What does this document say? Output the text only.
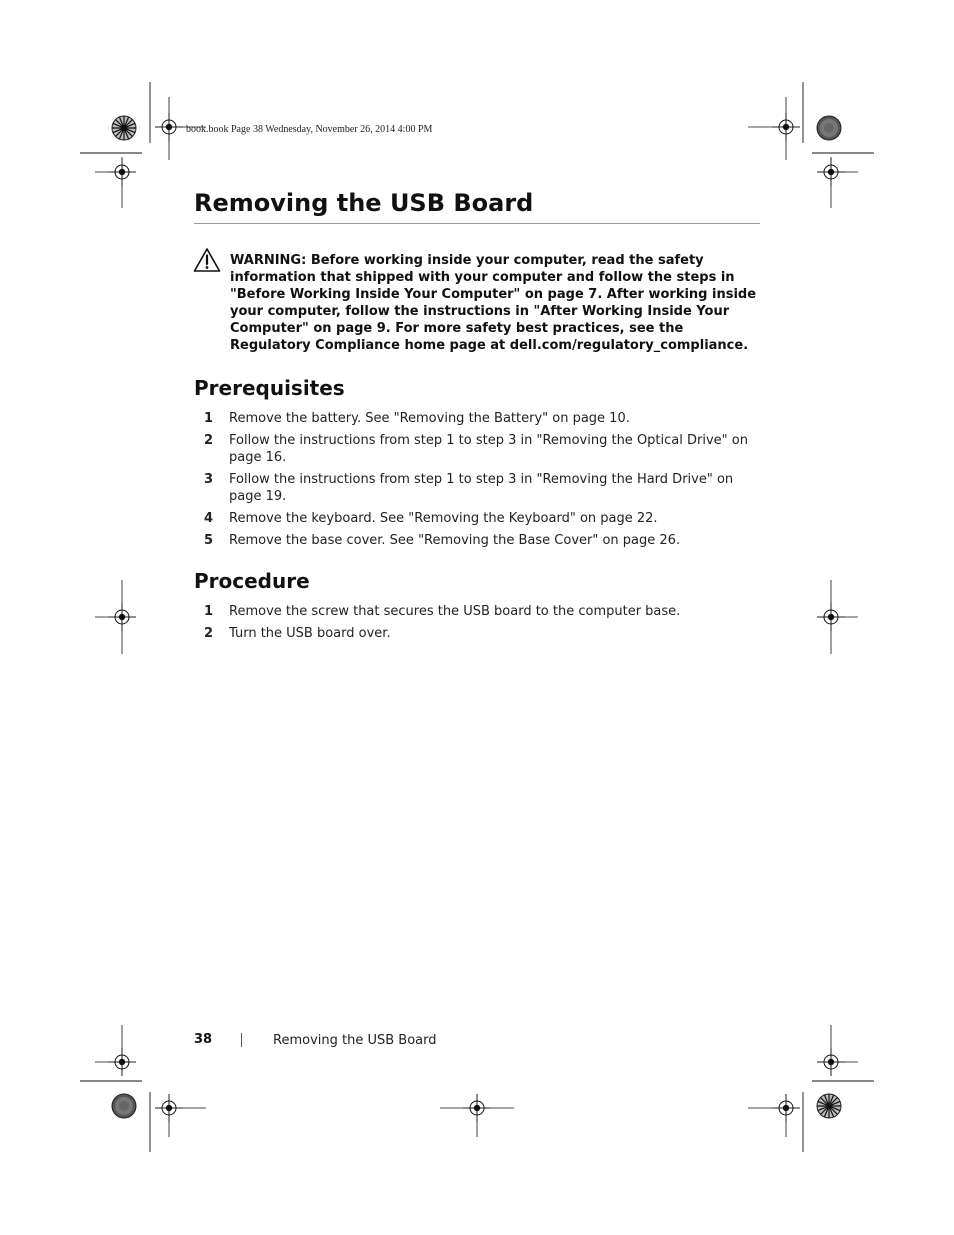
book.book Page 38 Wednesday, November 26, 2014 4:00 PM
Removing the USB Board
WARNING: Before working inside your computer, read the safety information that shipped with your computer and follow the steps in "Before Working Inside Your Computer" on page 7. After working inside your computer, follow the instructions in "After Working Inside Your Computer" on page 9. For more safety best practices, see the Regulatory Compliance home page at dell.com/regulatory_compliance.
Prerequisites
1 Remove the battery. See "Removing the Battery" on page 10.
2 Follow the instructions from step 1 to step 3 in "Removing the Optical Drive" on page 16.
3 Follow the instructions from step 1 to step 3 in "Removing the Hard Drive" on page 19.
4 Remove the keyboard. See "Removing the Keyboard" on page 22.
5 Remove the base cover. See "Removing the Base Cover" on page 26.
Procedure
1 Remove the screw that secures the USB board to the computer base.
2 Turn the USB board over.
38	Removing the USB Board
